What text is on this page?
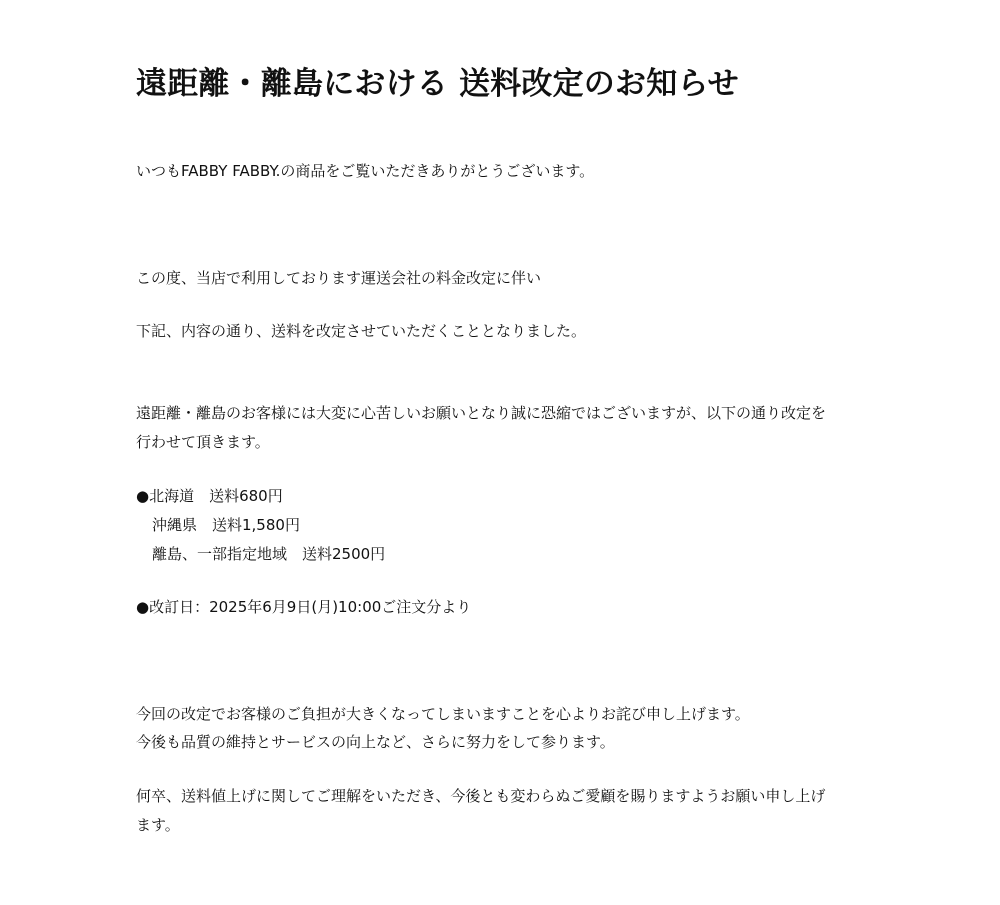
遠距離・離島における 送料改定のお知らせ
いつもFABBY FABBY.の商品をご覧いただきありがとうございます。
この度、当店で利用しております運送会社の料金改定に伴い
下記、内容の通り、送料を改定させていただくこととなりました。
遠距離・離島のお客様には大変に心苦しいお願いとなり誠に恐縮ではございますが、以下の通り改定を
行わせて頂きます。
●北海道　送料680円
沖縄県　送料1,580円
離島、一部指定地域　送料2500円
●改訂日：2025年6月9日(月)10:00ご注文分より
今回の改定でお客様のご負担が大きくなってしまいますことを心よりお詫び申し上げます。
今後も品質の維持とサービスの向上など、さらに努力をして参ります。
何卒、送料値上げに関してご理解をいただき、今後とも変わらぬご愛顧を賜りますようお願い申し上げ
ます。
